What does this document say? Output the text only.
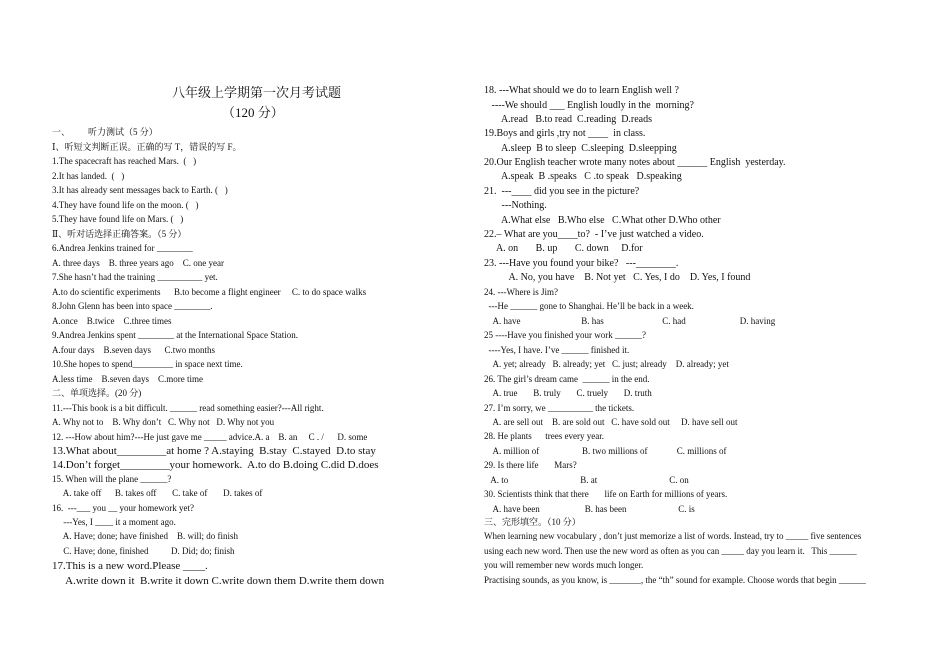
八年级上学期第一次月考试题
（120 分）
一、        听力测试（5 分）
Ⅰ、听短文判断正误。正确的写 T，错误的写 F。
1.The spacecraft has reached Mars.  (   )
2.It has landed.  (   )
3.It has already sent messages back to Earth. (   )
4.They have found life on the moon. (   )
5.They have found life on Mars. (   )
Ⅱ、听对话选择正确答案。（5 分）
6.Andrea Jenkins trained for ________
A. three days    B. three years ago    C. one year
7.She hasn’t had the training __________ yet.
A.to do scientific experiments      B.to become a flight engineer     C. to do space walks
8.John Glenn has been into space ________.
A.once    B.twice    C.three times
9.Andrea Jenkins spent ________ at the International Space Station.
A.four days    B.seven days      C.two months
10.She hopes to spend_________ in space next time.
A.less time    B.seven days    C.more time
二、单项选择。(20 分)
11.---This book is a bit difficult. ______ read something easier?---All right.
A. Why not to    B. Why don’t   C. Why not   D. Why not you
12. ---How about him?---He just gave me _____ advice.A. a    B. an     C . /      D. some
13.What about_________at home ? A.staying  B.stay  C.stayed  D.to stay
14.Don’t forget_________your homework.  A.to do B.doing C.did D.does
15. When will the plane ______?
A. take off      B. takes off       C. take of       D. takes of
16.  ---___ you __ your homework yet?
---Yes, I ____ it a moment ago.
A. Have; done; have finished    B. will; do finish
C. Have; done, finished          D. Did; do; finish
17.This is a new word.Please ____.
A.write down it  B.write it down C.write down them D.write them down
18. ---What should we do to learn English well ?
----We should ___ English loudly in the  morning?
A.read   B.to read  C.reading  D.reads
19.Boys and girls ,try not ____  in class.
A.sleep  B to sleep  C.sleeping  D.sleepping
20.Our English teacher wrote many notes about ______ English  yesterday.
A.speak  B .speaks   C .to speak   D.speaking
21.  ---____ did you see in the picture?
---Nothing.
A.What else   B.Who else   C.What other D.Who other
22.– What are you____to?  - I’ve just watched a video.
A. on       B. up       C. down     D.for
23. ---Have you found your bike?   ---________.
A. No, you have    B. Not yet   C. Yes, I do    D. Yes, I found
24. ---Where is Jim?
---He ______ gone to Shanghai. He’ll be back in a week.
A. have                           B. has                          C. had                        D. having
25 ----Have you finished your work ______?
----Yes, I have. I’ve ______ finished it.
A. yet; already   B. already; yet   C. just; already    D. already; yet
26. The girl’s dream came  ______ in the end.
A. true       B. truly       C. truely       D. truth
27. I’m sorry, we __________ the tickets.
A. are sell out    B. are sold out   C. have sold out     D. have sell out
28. He plants      trees every year.
A. million of                   B. two millions of             C. millions of
29. Is there life       Mars?
A. to                                B. at                                C. on
30. Scientists think that there       life on Earth for millions of years.
A. have been                    B. has been                       C. is
三、完形填空。（10 分）
When learning new vocabulary , don’t just memorize a list of words. Instead, try to _____ five sentences
using each new word. Then use the new word as often as you can _____ day you learn it.   This ______
you will remember new words much longer.
Practising sounds, as you know, is _______, the “th” sound for example. Choose words that begin ______
